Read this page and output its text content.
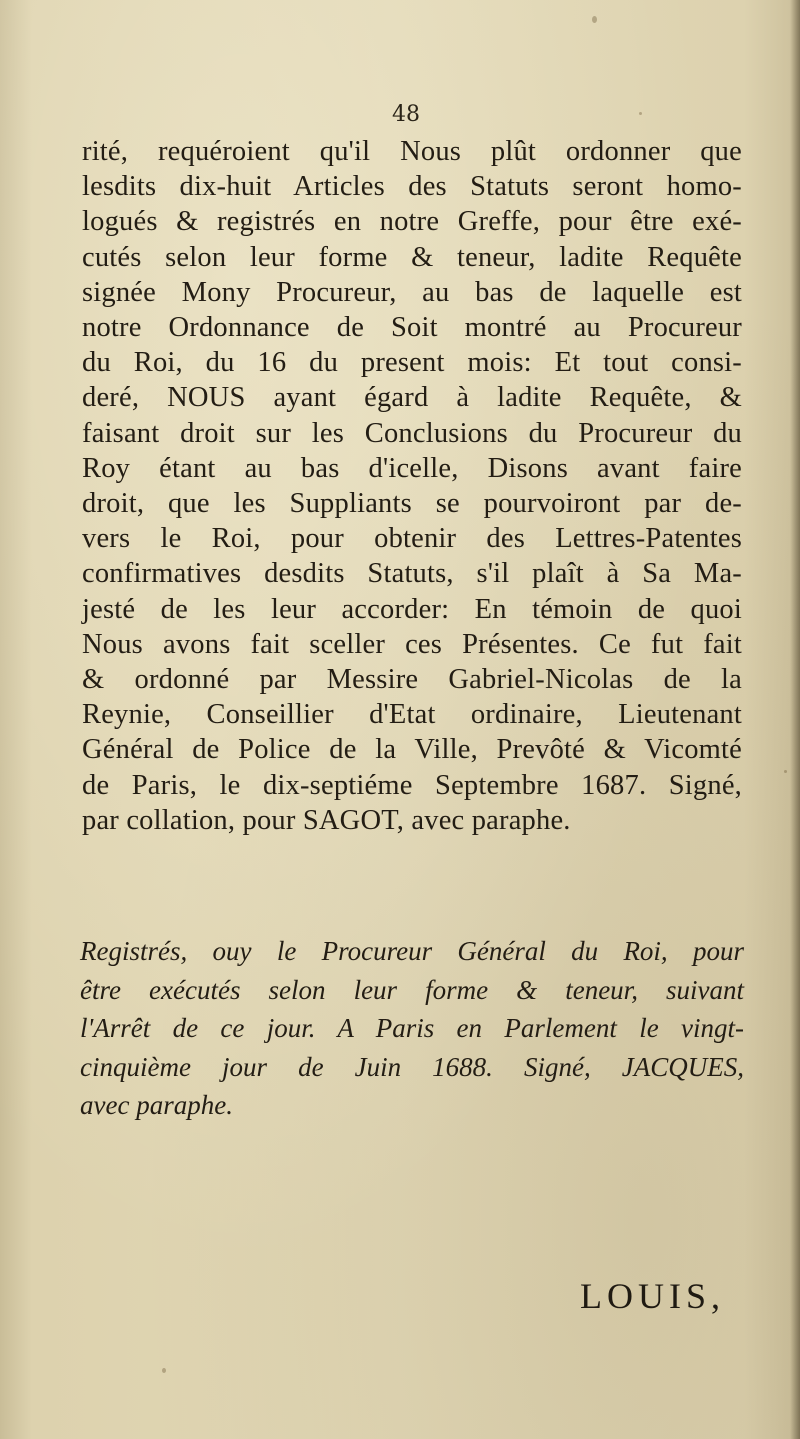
48
rité, requéroient qu'il Nous plût ordonner que
lesdits dix-huit Articles des Statuts seront homo-
logués & registrés en notre Greffe, pour être exé-
cutés selon leur forme & teneur, ladite Requête
signée Mony Procureur, au bas de laquelle est
notre Ordonnance de Soit montré au Procureur
du Roi, du 16 du present mois: Et tout consi-
deré, NOUS ayant égard à ladite Requête, &
faisant droit sur les Conclusions du Procureur du
Roy étant au bas d'icelle, Disons avant faire
droit, que les Suppliants se pourvoiront par de-
vers le Roi, pour obtenir des Lettres-Patentes
confirmatives desdits Statuts, s'il plaît à Sa Ma-
jesté de les leur accorder: En témoin de quoi
Nous avons fait sceller ces Présentes. Ce fut fait
& ordonné par Messire Gabriel-Nicolas de la
Reynie, Conseillier d'Etat ordinaire, Lieutenant
Général de Police de la Ville, Prevôté & Vicomté
de Paris, le dix-septiéme Septembre 1687. Signé,
par collation, pour SAGOT, avec paraphe.
Registrés, ouy le Procureur Général du Roi, pour
être exécutés selon leur forme & teneur, suivant
l'Arrêt de ce jour. A Paris en Parlement le vingt-
cinquième jour de Juin 1688. Signé, JACQUES,
avec paraphe.
LOUIS,
